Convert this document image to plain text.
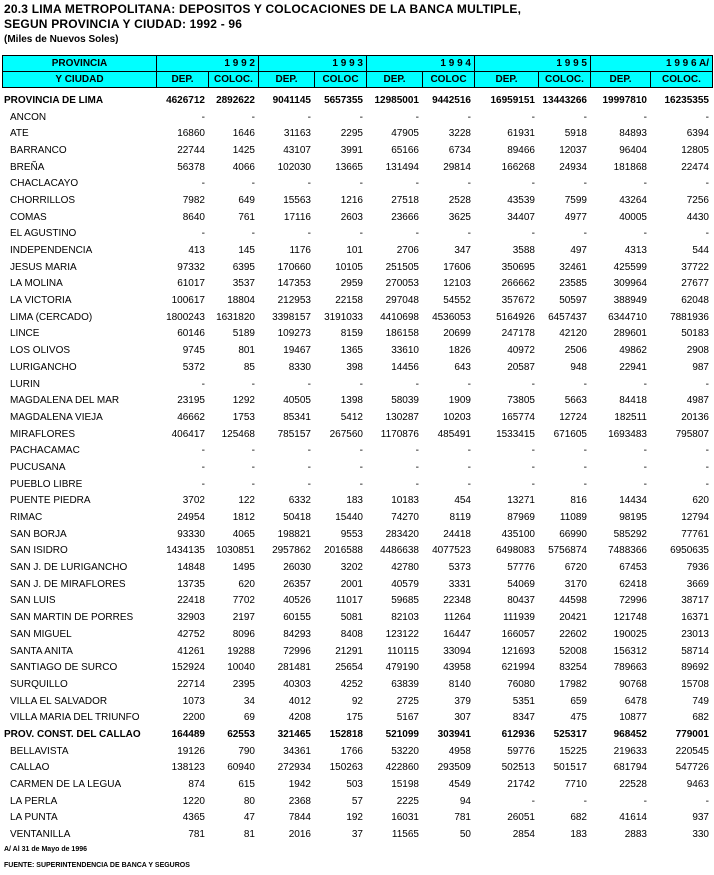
20.3 LIMA METROPOLITANA: DEPOSITOS Y COLOCACIONES DE LA BANCA MULTIPLE,
SEGUN PROVINCIA Y CIUDAD: 1992 - 96
(Miles de Nuevos Soles)
PROVINCIA	1 9 9 2		1 9 9 3		1 9 9 4		1 9 9 5		1 9 9 6 A/	
Y CIUDAD	DEP.	COLOC.	DEP.	COLOC	DEP.	COLOC	DEP.	COLOC.	DEP.	COLOC.
PROVINCIA DE LIMA	4626712	2892622	9041145	5657355	12985001	9442516	16959151	13443266	19997810	16235355
ANCON	-	-	-	-	-	-	-	-	-	-
ATE	16860	1646	31163	2295	47905	3228	61931	5918	84893	6394
BARRANCO	22744	1425	43107	3991	65166	6734	89466	12037	96404	12805
BREÑA	56378	4066	102030	13665	131494	29814	166268	24934	181868	22474
CHACLACAYO	-	-	-	-	-	-	-	-	-	-
CHORRILLOS	7982	649	15563	1216	27518	2528	43539	7599	43264	7256
COMAS	8640	761	17116	2603	23666	3625	34407	4977	40005	4430
EL AGUSTINO	-	-	-	-	-	-	-	-	-	-
INDEPENDENCIA	413	145	1176	101	2706	347	3588	497	4313	544
JESUS MARIA	97332	6395	170660	10105	251505	17606	350695	32461	425599	37722
LA MOLINA	61017	3537	147353	2959	270053	12103	266662	23585	309964	27677
LA VICTORIA	100617	18804	212953	22158	297048	54552	357672	50597	388949	62048
LIMA (CERCADO)	1800243	1631820	3398157	3191033	4410698	4536053	5164926	6457437	6344710	7881936
LINCE	60146	5189	109273	8159	186158	20699	247178	42120	289601	50183
LOS OLIVOS	9745	801	19467	1365	33610	1826	40972	2506	49862	2908
LURIGANCHO	5372	85	8330	398	14456	643	20587	948	22941	987
LURIN	-	-	-	-	-	-	-	-	-	-
MAGDALENA DEL MAR	23195	1292	40505	1398	58039	1909	73805	5663	84418	4987
MAGDALENA VIEJA	46662	1753	85341	5412	130287	10203	165774	12724	182511	20136
MIRAFLORES	406417	125468	785157	267560	1170876	485491	1533415	671605	1693483	795807
PACHACAMAC	-	-	-	-	-	-	-	-	-	-
PUCUSANA	-	-	-	-	-	-	-	-	-	-
PUEBLO LIBRE	-	-	-	-	-	-	-	-	-	-
PUENTE PIEDRA	3702	122	6332	183	10183	454	13271	816	14434	620
RIMAC	24954	1812	50418	15440	74270	8119	87969	11089	98195	12794
SAN BORJA	93330	4065	198821	9553	283420	24418	435100	66990	585292	77761
SAN ISIDRO	1434135	1030851	2957862	2016588	4486638	4077523	6498083	5756874	7488366	6950635
SAN J. DE LURIGANCHO	14848	1495	26030	3202	42780	5373	57776	6720	67453	7936
SAN J. DE MIRAFLORES	13735	620	26357	2001	40579	3331	54069	3170	62418	3669
SAN LUIS	22418	7702	40526	11017	59685	22348	80437	44598	72996	38717
SAN MARTIN DE PORRES	32903	2197	60155	5081	82103	11264	111939	20421	121748	16371
SAN MIGUEL	42752	8096	84293	8408	123122	16447	166057	22602	190025	23013
SANTA ANITA	41261	19288	72996	21291	110115	33094	121693	52008	156312	58714
SANTIAGO DE SURCO	152924	10040	281481	25654	479190	43958	621994	83254	789663	89692
SURQUILLO	22714	2395	40303	4252	63839	8140	76080	17982	90768	15708
VILLA EL SALVADOR	1073	34	4012	92	2725	379	5351	659	6478	749
VILLA MARIA DEL TRIUNFO	2200	69	4208	175	5167	307	8347	475	10877	682
PROV. CONST. DEL CALLAO	164489	62553	321465	152818	521099	303941	612936	525317	968452	779001
BELLAVISTA	19126	790	34361	1766	53220	4958	59776	15225	219633	220545
CALLAO	138123	60940	272934	150263	422860	293509	502513	501517	681794	547726
CARMEN DE LA LEGUA	874	615	1942	503	15198	4549	21742	7710	22528	9463
LA PERLA	1220	80	2368	57	2225	94	-	-	-	-
LA PUNTA	4365	47	7844	192	16031	781	26051	682	41614	937
VENTANILLA	781	81	2016	37	11565	50	2854	183	2883	330
A/ Al 31 de Mayo de 1996
FUENTE: SUPERINTENDENCIA DE BANCA Y SEGUROS
